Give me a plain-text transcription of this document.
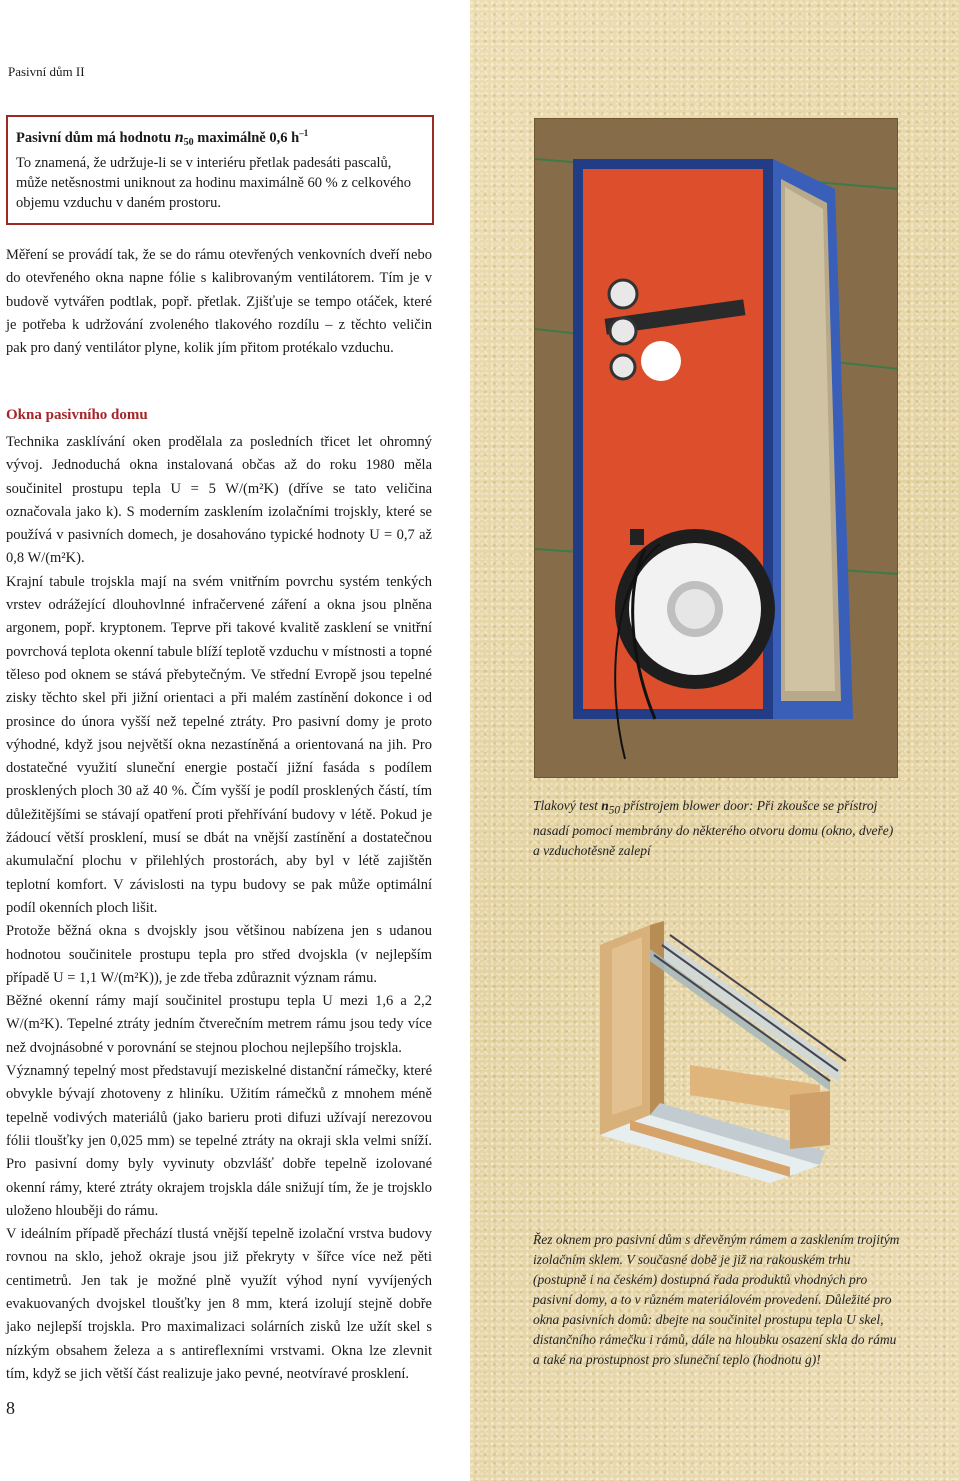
Pasivní dům II
Pasivní dům má hodnotu $n_{50}$ maximálně 0,6 $h^{-1}$
To znamená, že udržuje-li se v interiéru přetlak padesáti pascalů, může netěsnostmi uniknout za hodinu maximálně 60 % z celkového objemu vzduchu v daném prostoru.
Měření se provádí tak, že se do rámu otevřených venkovních dveří nebo do otevřeného okna napne fólie s kalibrovaným ventilátorem. Tím je v budově vytvářen podtlak, popř. přetlak. Zjišťuje se tempo otáček, které je potřeba k udržování zvoleného tlakového rozdílu – z těchto veličin pak pro daný ventilátor plyne, kolik jím přitom protékalo vzduchu.
Okna pasivního domu
Technika zasklívání oken prodělala za posledních třicet let ohromný vývoj. Jednoduchá okna instalovaná občas až do roku 1980 měla součinitel prostupu tepla U = 5 W/(m²K) (dříve se tato veličina označovala jako k). S moderním zasklením izolačními trojskly, které se používá v pasivních domech, je dosahováno typické hodnoty U = 0,7 až 0,8 W/(m²K).
Krajní tabule trojskla mají na svém vnitřním povrchu systém tenkých vrstev odrážející dlouhovlnné infračervené záření a okna jsou plněna argonem, popř. kryptonem. Teprve při takové kvalitě zasklení se vnitřní povrchová teplota okenní tabule blíží teplotě vzduchu v místnosti a topné těleso pod oknem se stává přebytečným. Ve střední Evropě jsou tepelné zisky těchto skel při jižní orientaci a při malém zastínění dokonce i od prosince do února vyšší než tepelné ztráty. Pro pasivní domy je proto výhodné, když jsou největší okna nezastíněná a orientovaná na jih. Pro dostatečné využití sluneční energie postačí jižní fasáda s podílem prosklených ploch 30 až 40 %. Čím vyšší je podíl prosklených částí, tím důležitějšími se stávají opatření proti přehřívání budovy v létě. Pokud je žádoucí větší prosklení, musí se dbát na vnější zastínění a dostatečnou akumulační plochu v přilehlých prostorách, aby byl v létě zajištěn teplotní komfort. V závislosti na typu budovy se pak může optimální podíl okenních ploch lišit.
Protože běžná okna s dvojskly jsou většinou nabízena jen s udanou hodnotou součinitele prostupu tepla pro střed dvojskla (v nejlepším případě U = 1,1 W/(m²K)), je zde třeba zdůraznit význam rámu.
Běžné okenní rámy mají součinitel prostupu tepla U mezi 1,6 a 2,2 W/(m²K). Tepelné ztráty jedním čtverečním metrem rámu jsou tedy více než dvojnásobné v porovnání se stejnou plochou nejlepšího trojskla.
Významný tepelný most představují meziskelné distanční rámečky, které obvykle bývají zhotoveny z hliníku. Užitím rámečků z mnohem méně tepelně vodivých materiálů (jako barieru proti difuzi užívají nerezovou fólii tloušťky jen 0,025 mm) se tepelné ztráty na okraji skla velmi sníží. Pro pasivní domy byly vyvinuty obzvlášť dobře tepelně izolované okenní rámy, které ztráty okrajem trojskla dále snižují tím, že je trojsklo uloženo hlouběji do rámu.
V ideálním případě přechází tlustá vnější tepelně izolační vrstva budovy rovnou na sklo, jehož okraje jsou již překryty v šířce více než pěti centimetrů. Jen tak je možné plně využít výhod nyní vyvíjených evakuovaných dvojskel tloušťky jen 8 mm, která izolují stejně dobře jako nejlepší trojskla. Pro maximalizaci solárních zisků lze užít skel s nízkým obsahem železa a s antireflexními vrstvami. Okna lze zlevnit tím, když se jich větší část realizuje jako pevné, neotvíravé prosklení.
8
Tlakový test $n_{50}$ přístrojem blower door: Při zkoušce se přístroj nasadí pomocí membrány do některého otvoru domu (okno, dveře) a vzduchotěsně zalepí
Řez oknem pro pasivní dům s dřevěným rámem a zasklením trojitým izolačním sklem. V současné době je již na rakouském trhu (postupně i na českém) dostupná řada produktů vhodných pro pasivní domy, a to v různém materiálovém provedení. Důležité pro okna pasivních domů: dbejte na součinitel prostupu tepla U skel, distančního rámečku i rámů, dále na hloubku osazení skla do rámu a také na prostupnost pro sluneční teplo (hodnotu g)!
